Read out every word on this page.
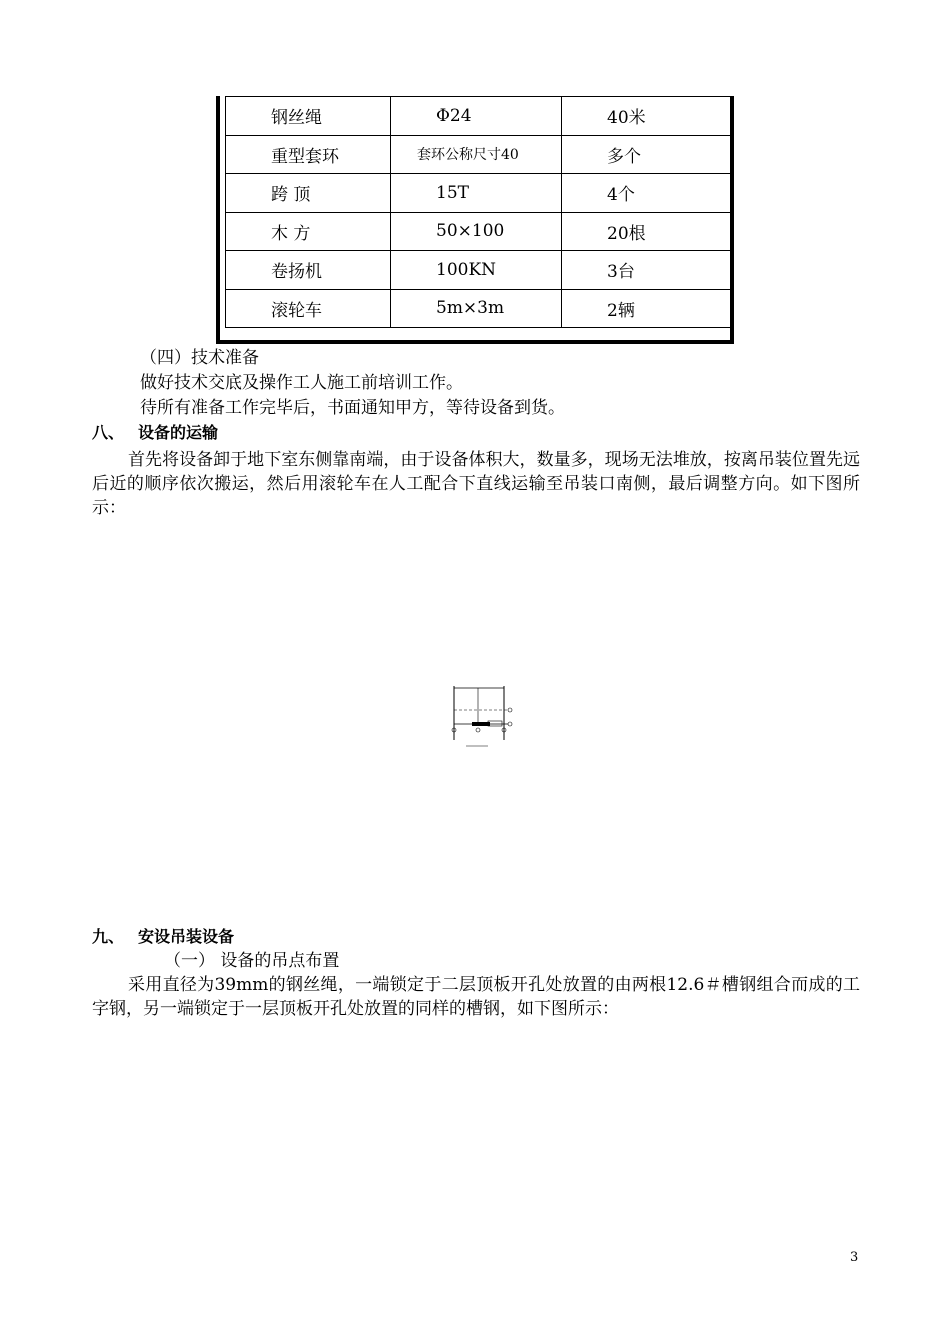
钢丝绳	Φ24	40米
重型套环	套环公称尺寸40	多个
跨 顶	15T	4个
木 方	50×100	20根
卷扬机	100KN	3台
滚轮车	5m×3m	2辆
（四）技术准备
做好技术交底及操作工人施工前培训工作。
待所有准备工作完毕后，书面通知甲方，等待设备到货。
八、 设备的运输
首先将设备卸于地下室东侧靠南端，由于设备体积大，数量多，现场无法堆放，按离吊装位置先远后近的顺序依次搬运，然后用滚轮车在人工配合下直线运输至吊装口南侧，最后调整方向。如下图所示：
九、 安设吊装设备
（一） 设备的吊点布置
采用直径为39mm的钢丝绳，一端锁定于二层顶板开孔处放置的由两根12.6＃槽钢组合而成的工字钢，另一端锁定于一层顶板开孔处放置的同样的槽钢，如下图所示：
3
